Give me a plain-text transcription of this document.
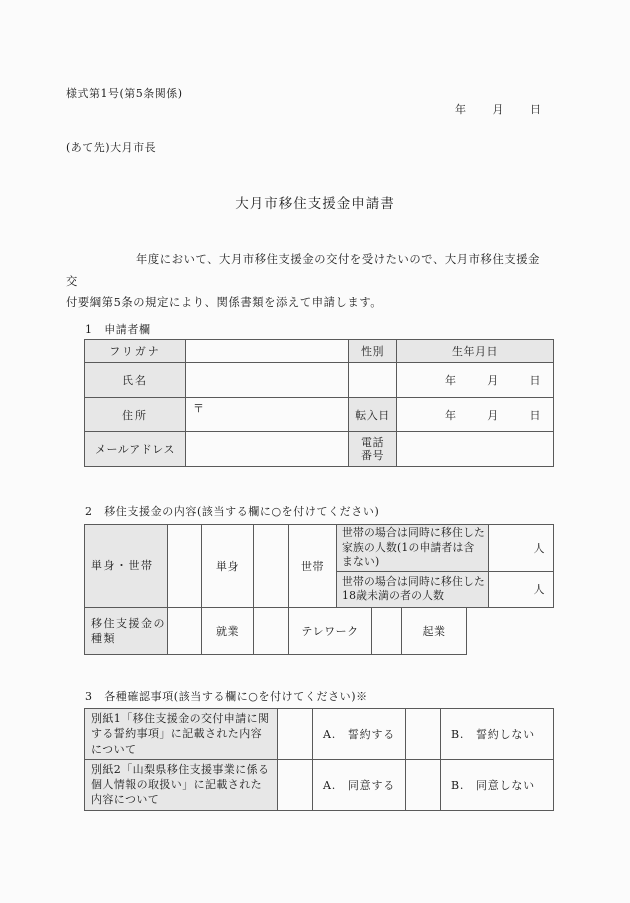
様式第1号(第5条関係)
年 月 日
(あて先)大月市長
大月市移住支援金申請書
年度において、大月市移住支援金の交付を受けたいので、大月市移住支援金交
付要綱第5条の規定により、関係書類を添えて申請します。
1　申請者欄
フリガナ		性別	生年月日
氏名			年 月 日

住所	〒	転入日	年 月 日

メールアドレス		電話番号	

2　移住支援金の内容(該当する欄に○を付けてください)
単身・世帯		単身		世帯	世帯の場合は同時に移住した家族の人数(1の申請者は含まない)				人
					世帯の場合は同時に移住した18歳未満の者の人数				人
移住支援金の種類		就業		テレワーク			起業		
3　各種確認事項(該当する欄に○を付けてください)※
別紙1「移住支援金の交付申請に関する誓約事項」に記載された内容について		A.　誓約する		B.　誓約しない
別紙2「山梨県移住支援事業に係る個人情報の取扱い」に記載された内容について		A.　同意する		B.　同意しない
